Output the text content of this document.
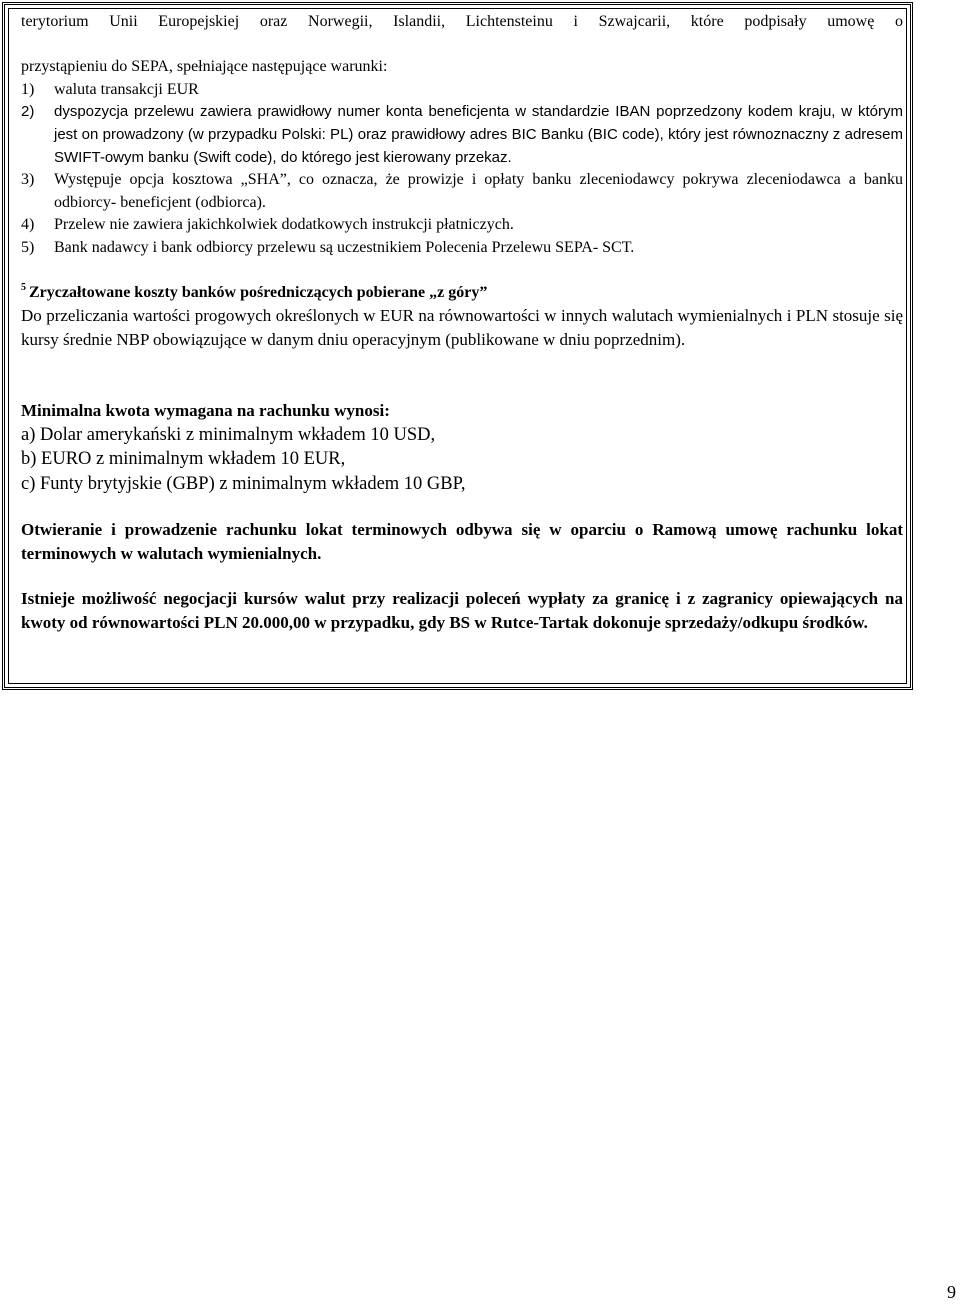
terytorium Unii Europejskiej oraz Norwegii, Islandii, Lichtensteinu i Szwajcarii, które podpisały umowę o

przystąpieniu do SEPA, spełniające następujące warunki:

1)	waluta transakcji EUR
2)	dyspozycja przelewu zawiera prawidłowy numer konta beneficjenta w standardzie IBAN poprzedzony kodem kraju, w którym jest on prowadzony (w przypadku Polski: PL) oraz prawidłowy adres BIC Banku (BIC code), który jest równoznaczny z adresem SWIFT-owym banku (Swift code), do którego jest kierowany przekaz.
3)	Występuje opcja kosztowa „SHA”, co oznacza, że prowizje i opłaty banku zleceniodawcy pokrywa zleceniodawca a banku odbiorcy- beneficjent (odbiorca).
4)	Przelew nie zawiera jakichkolwiek dodatkowych instrukcji płatniczych.
5)	Bank nadawcy i bank odbiorcy przelewu są uczestnikiem Polecenia Przelewu SEPA- SCT.
$^5$ Zryczałtowane koszty banków pośredniczących pobierane „z góry”

Do przeliczania wartości progowych określonych w EUR na równowartości w innych walutach wymienialnych i PLN stosuje się kursy średnie NBP obowiązujące w danym dniu operacyjnym (publikowane w dniu poprzednim).

Minimalna kwota wymagana na rachunku wynosi:
a) Dolar amerykański z minimalnym wkładem 10 USD,
b) EURO z minimalnym wkładem 10 EUR,
c) Funty brytyjskie (GBP) z minimalnym wkładem 10 GBP,

Otwieranie i prowadzenie rachunku lokat terminowych odbywa się w oparciu o Ramową umowę rachunku lokat terminowych w walutach wymienialnych.

Istnieje możliwość negocjacji kursów walut przy realizacji poleceń wypłaty za granicę i z zagranicy opiewających na kwoty od równowartości PLN 20.000,00 w przypadku, gdy BS w Rutce-Tartak dokonuje sprzedaży/odkupu środków.

9
